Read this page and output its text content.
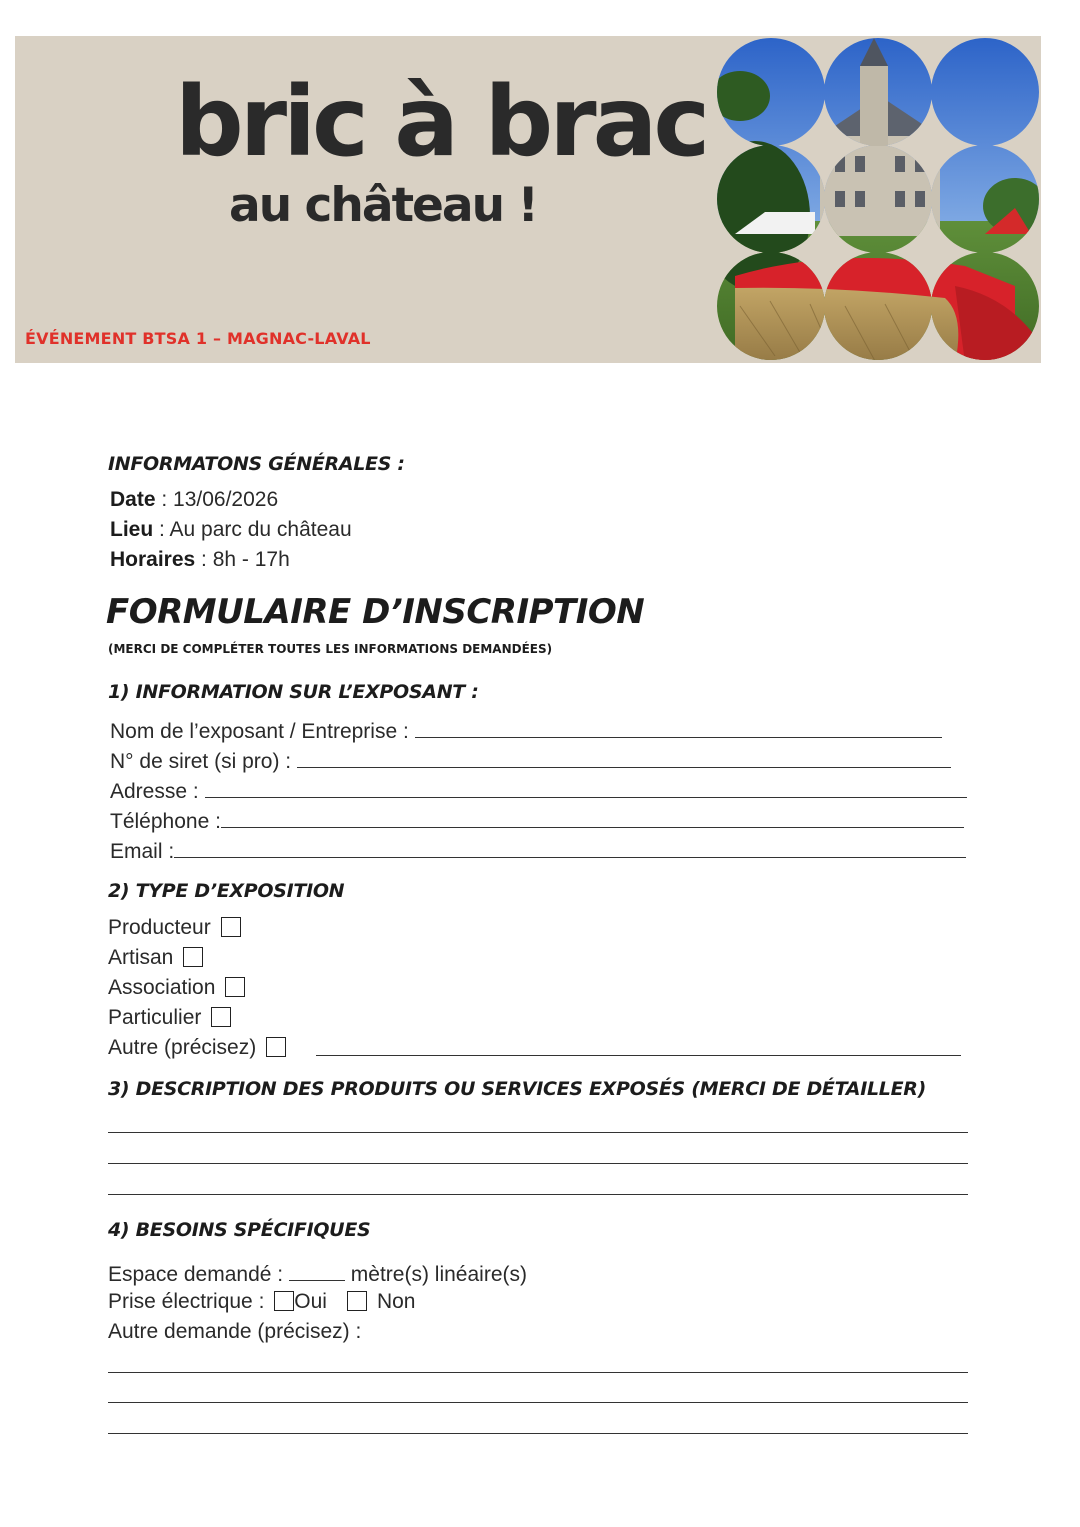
bric à brac
au château !
ÉVÉNEMENT BTSA 1 – MAGNAC-LAVAL
INFORMATONS GÉNÉRALES :
Date : 13/06/2026
Lieu : Au parc du château
Horaires : 8h - 17h
FORMULAIRE D’INSCRIPTION
(MERCI DE COMPLÉTER TOUTES LES INFORMATIONS DEMANDÉES)
1) INFORMATION SUR L’EXPOSANT :
Nom de l’exposant / Entreprise :
N° de siret (si pro) :
Adresse :
Téléphone :
Email :
2) TYPE D’EXPOSITION
Producteur
Artisan
Association
Particulier
Autre (précisez)
3) DESCRIPTION DES PRODUITS OU SERVICES EXPOSÉS (MERCI DE DÉTAILLER)
4) BESOINS SPÉCIFIQUES
Espace demandé :	mètre(s) linéaire(s)
Prise électrique : Oui Non
Autre demande (précisez) :
